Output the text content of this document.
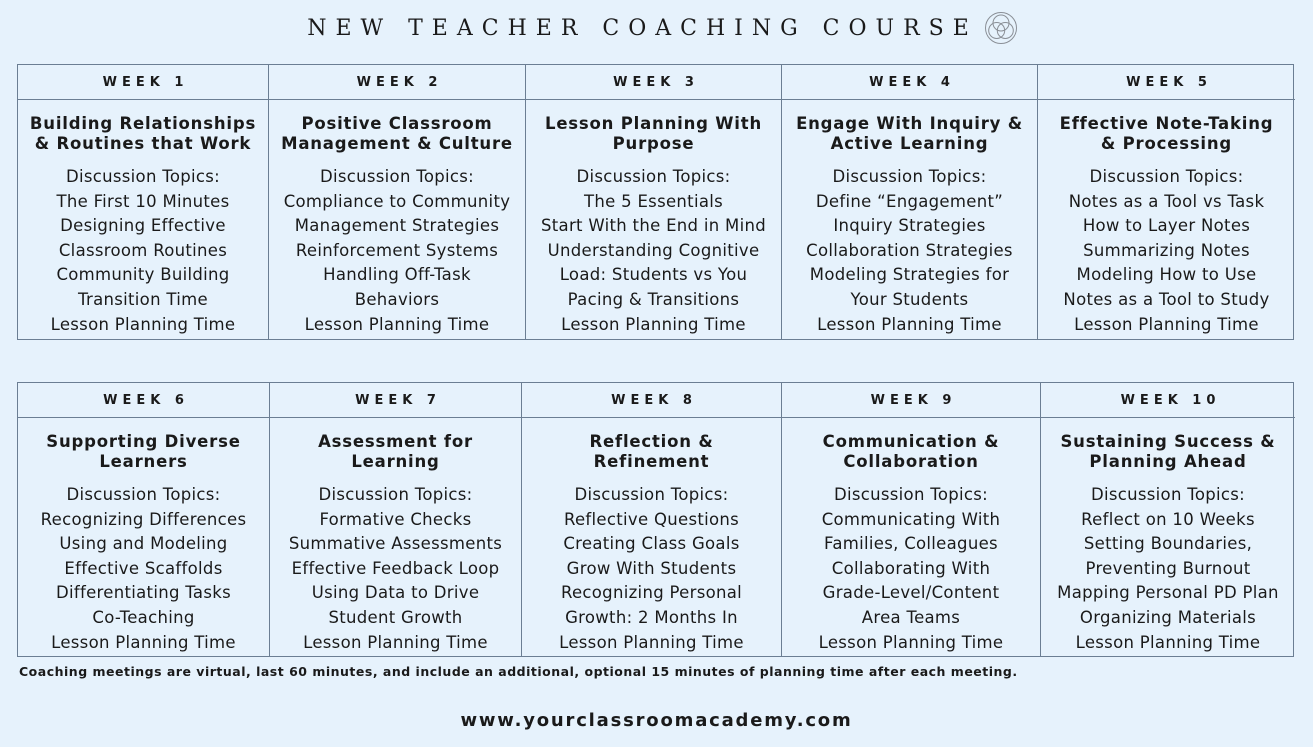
NEW TEACHER COACHING COURSE
WEEK 1
Building Relationships
& Routines that Work
Discussion Topics:
The First 10 Minutes
Designing Effective
Classroom Routines
Community Building
Transition Time
Lesson Planning Time
WEEK 2
Positive Classroom
Management & Culture
Discussion Topics:
Compliance to Community
Management Strategies
Reinforcement Systems
Handling Off-Task
Behaviors
Lesson Planning Time
WEEK 3
Lesson Planning With
Purpose
Discussion Topics:
The 5 Essentials
Start With the End in Mind
Understanding Cognitive
Load: Students vs You
Pacing & Transitions
Lesson Planning Time
WEEK 4
Engage With Inquiry &
Active Learning
Discussion Topics:
Define “Engagement”
Inquiry Strategies
Collaboration Strategies
Modeling Strategies for
Your Students
Lesson Planning Time
WEEK 5
Effective Note-Taking
& Processing
Discussion Topics:
Notes as a Tool vs Task
How to Layer Notes
Summarizing Notes
Modeling How to Use
Notes as a Tool to Study
Lesson Planning Time
WEEK 6
Supporting Diverse
Learners
Discussion Topics:
Recognizing Differences
Using and Modeling
Effective Scaffolds
Differentiating Tasks
Co-Teaching
Lesson Planning Time
WEEK 7
Assessment for
Learning
Discussion Topics:
Formative Checks
Summative Assessments
Effective Feedback Loop
Using Data to Drive
Student Growth
Lesson Planning Time
WEEK 8
Reflection &
Refinement
Discussion Topics:
Reflective Questions
Creating Class Goals
Grow With Students
Recognizing Personal
Growth: 2 Months In
Lesson Planning Time
WEEK 9
Communication &
Collaboration
Discussion Topics:
Communicating With
Families, Colleagues
Collaborating With
Grade-Level/Content
Area Teams
Lesson Planning Time
WEEK 10
Sustaining Success &
Planning Ahead
Discussion Topics:
Reflect on 10 Weeks
Setting Boundaries,
Preventing Burnout
Mapping Personal PD Plan
Organizing Materials
Lesson Planning Time
Coaching meetings are virtual, last 60 minutes, and include an additional, optional 15 minutes of planning time after each meeting.
www.yourclassroomacademy.com
